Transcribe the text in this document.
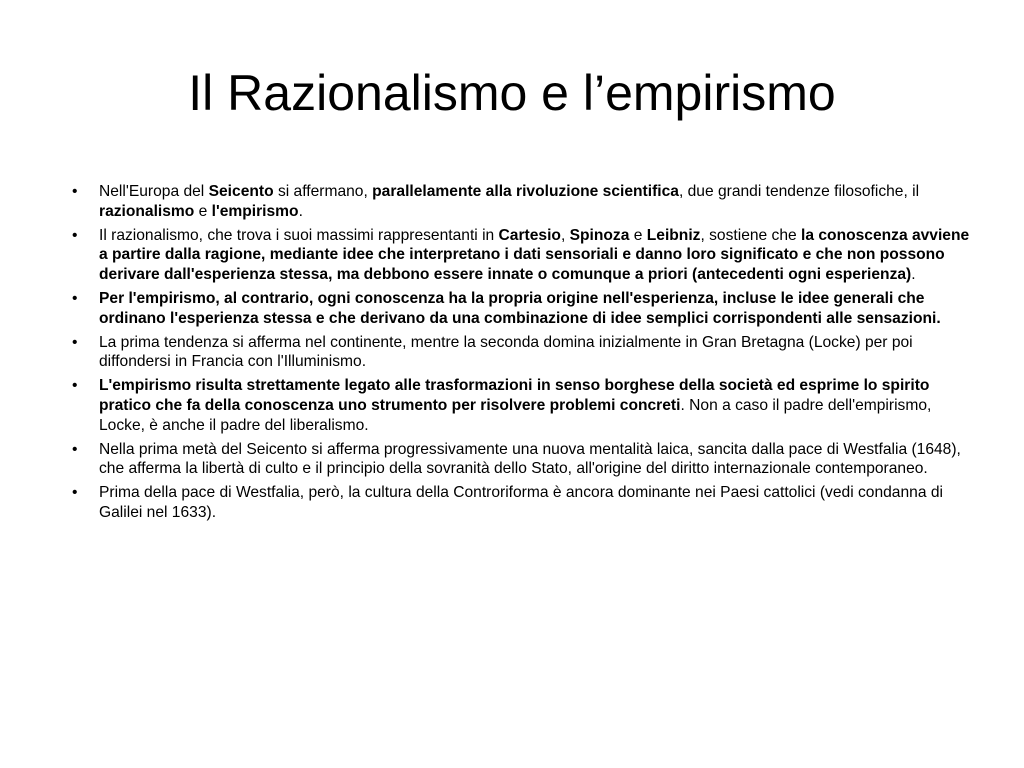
Il Razionalismo e l’empirismo
•	Nell'Europa del Seicento si affermano, parallelamente alla rivoluzione scientifica, due grandi tendenze filosofiche, il razionalismo e l'empirismo.
•	Il razionalismo, che trova i suoi massimi rappresentanti in Cartesio, Spinoza e Leibniz, sostiene che la conoscenza avviene a partire dalla ragione, mediante idee che interpretano i dati sensoriali e danno loro significato e che non possono derivare dall'esperienza stessa, ma debbono essere innate o comunque a priori (antecedenti ogni esperienza).
•	Per l'empirismo, al contrario, ogni conoscenza ha la propria origine nell'esperienza, incluse le idee generali che ordinano l'esperienza stessa e che derivano da una combinazione di idee semplici corrispondenti alle sensazioni.
•	La prima tendenza si afferma nel continente, mentre la seconda domina inizialmente in Gran Bretagna (Locke) per poi diffondersi in Francia con l'Illuminismo.
•	L'empirismo risulta strettamente legato alle trasformazioni in senso borghese della società ed esprime lo spirito pratico che fa della conoscenza uno strumento per risolvere problemi concreti. Non a caso il padre dell'empirismo, Locke, è anche il padre del liberalismo.
•	Nella prima metà del Seicento si afferma progressivamente una nuova mentalità laica, sancita dalla pace di Westfalia (1648), che afferma la libertà di culto e il principio della sovranità dello Stato, all'origine del diritto internazionale contemporaneo.
•	Prima della pace di Westfalia, però, la cultura della Controriforma è ancora dominante nei Paesi cattolici (vedi condanna di Galilei nel 1633).
